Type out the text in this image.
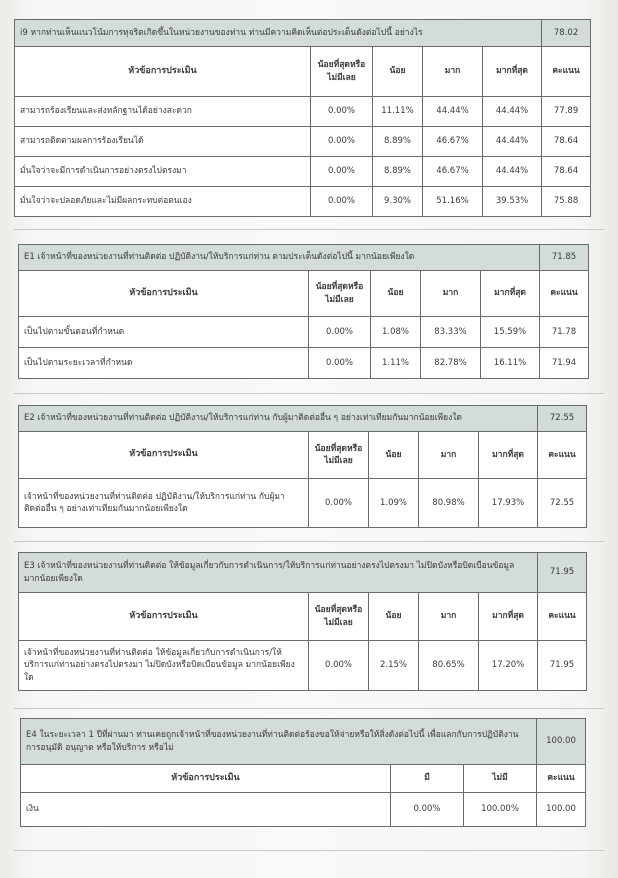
i9 หากท่านเห็นแนวโน้มการทุจริตเกิดขึ้นในหน่วยงานของท่าน ท่านมีความคิดเห็นต่อประเด็นดังต่อไปนี้ อย่างไร					78.02
หัวข้อการประเมิน	น้อยที่สุดหรือไม่มีเลย	น้อย	มาก	มากที่สุด	คะแนน
สามารถร้องเรียนและส่งหลักฐานได้อย่างสะดวก	0.00%	11.11%	44.44%	44.44%	77.89
สามารถติดตามผลการร้องเรียนได้	0.00%	8.89%	46.67%	44.44%	78.64
มั่นใจว่าจะมีการดำเนินการอย่างตรงไปตรงมา	0.00%	8.89%	46.67%	44.44%	78.64
มั่นใจว่าจะปลอดภัยและไม่มีผลกระทบต่อตนเอง	0.00%	9.30%	51.16%	39.53%	75.88
E1 เจ้าหน้าที่ของหน่วยงานที่ท่านติดต่อ ปฏิบัติงาน/ให้บริการแก่ท่าน ตามประเด็นดังต่อไปนี้ มากน้อยเพียงใด					71.85
หัวข้อการประเมิน	น้อยที่สุดหรือไม่มีเลย	น้อย	มาก	มากที่สุด	คะแนน
เป็นไปตามขั้นตอนที่กำหนด	0.00%	1.08%	83.33%	15.59%	71.78
เป็นไปตามระยะเวลาที่กำหนด	0.00%	1.11%	82.78%	16.11%	71.94
E2 เจ้าหน้าที่ของหน่วยงานที่ท่านติดต่อ ปฏิบัติงาน/ให้บริการแก่ท่าน กับผู้มาติดต่ออื่น ๆ อย่างเท่าเทียมกันมากน้อยเพียงใด					72.55
หัวข้อการประเมิน	น้อยที่สุดหรือไม่มีเลย	น้อย	มาก	มากที่สุด	คะแนน
เจ้าหน้าที่ของหน่วยงานที่ท่านติดต่อ ปฏิบัติงาน/ให้บริการแก่ท่าน กับผู้มาติดต่ออื่น ๆ อย่างเท่าเทียมกันมากน้อยเพียงใด	0.00%	1.09%	80.98%	17.93%	72.55
E3 เจ้าหน้าที่ของหน่วยงานที่ท่านติดต่อ ให้ข้อมูลเกี่ยวกับการดำเนินการ/ให้บริการแก่ท่านอย่างตรงไปตรงมา ไม่ปิดบังหรือบิดเบือนข้อมูล มากน้อยเพียงใด					71.95
หัวข้อการประเมิน	น้อยที่สุดหรือไม่มีเลย	น้อย	มาก	มากที่สุด	คะแนน
เจ้าหน้าที่ของหน่วยงานที่ท่านติดต่อ ให้ข้อมูลเกี่ยวกับการดำเนินการ/ให้บริการแก่ท่านอย่างตรงไปตรงมา ไม่ปิดบังหรือบิดเบือนข้อมูล มากน้อยเพียงใด	0.00%	2.15%	80.65%	17.20%	71.95
E4 ในระยะเวลา 1 ปีที่ผ่านมา ท่านเคยถูกเจ้าหน้าที่ของหน่วยงานที่ท่านติดต่อร้องขอให้จ่ายหรือให้สิ่งดังต่อไปนี้ เพื่อแลกกับการปฏิบัติงาน การอนุมัติ อนุญาต หรือให้บริการ หรือไม่			100.00
หัวข้อการประเมิน	มี	ไม่มี	คะแนน
เงิน	0.00%	100.00%	100.00
